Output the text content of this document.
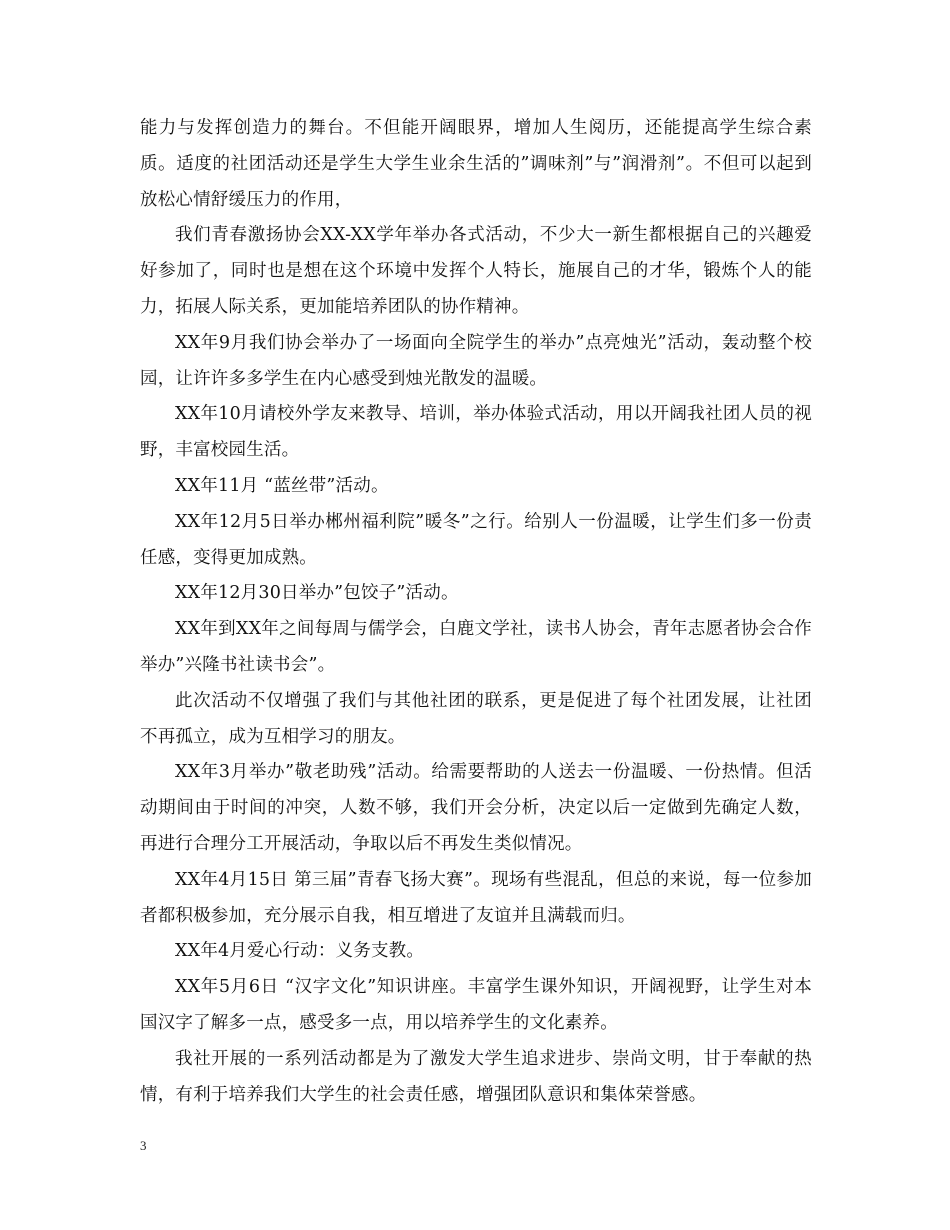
能力与发挥创造力的舞台。不但能开阔眼界，增加人生阅历，还能提高学生综合素质。适度的社团活动还是学生大学生业余生活的”调味剂”与”润滑剂”。不但可以起到放松心情舒缓压力的作用，

我们青春激扬协会XX-XX学年举办各式活动，不少大一新生都根据自己的兴趣爱好参加了，同时也是想在这个环境中发挥个人特长，施展自己的才华，锻炼个人的能力，拓展人际关系，更加能培养团队的协作精神。

XX年9月我们协会举办了一场面向全院学生的举办”点亮烛光”活动，轰动整个校园，让许许多多学生在内心感受到烛光散发的温暖。

XX年10月请校外学友来教导、培训，举办体验式活动，用以开阔我社团人员的视野，丰富校园生活。

XX年11月 “蓝丝带”活动。

XX年12月5日举办郴州福利院”暖冬”之行。给别人一份温暖，让学生们多一份责任感，变得更加成熟。

XX年12月30日举办”包饺子”活动。

XX年到XX年之间每周与儒学会，白鹿文学社，读书人协会，青年志愿者协会合作举办”兴隆书社读书会”。

此次活动不仅增强了我们与其他社团的联系，更是促进了每个社团发展，让社团不再孤立，成为互相学习的朋友。

XX年3月举办”敬老助残”活动。给需要帮助的人送去一份温暖、一份热情。但活动期间由于时间的冲突，人数不够，我们开会分析，决定以后一定做到先确定人数，再进行合理分工开展活动，争取以后不再发生类似情况。

XX年4月15日 第三届”青春飞扬大赛”。现场有些混乱，但总的来说，每一位参加者都积极参加，充分展示自我，相互增进了友谊并且满载而归。

XX年4月爱心行动：义务支教。

XX年5月6日 “汉字文化”知识讲座。丰富学生课外知识，开阔视野，让学生对本国汉字了解多一点，感受多一点，用以培养学生的文化素养。

我社开展的一系列活动都是为了激发大学生追求进步、崇尚文明，甘于奉献的热情，有利于培养我们大学生的社会责任感，增强团队意识和集体荣誉感。

3
